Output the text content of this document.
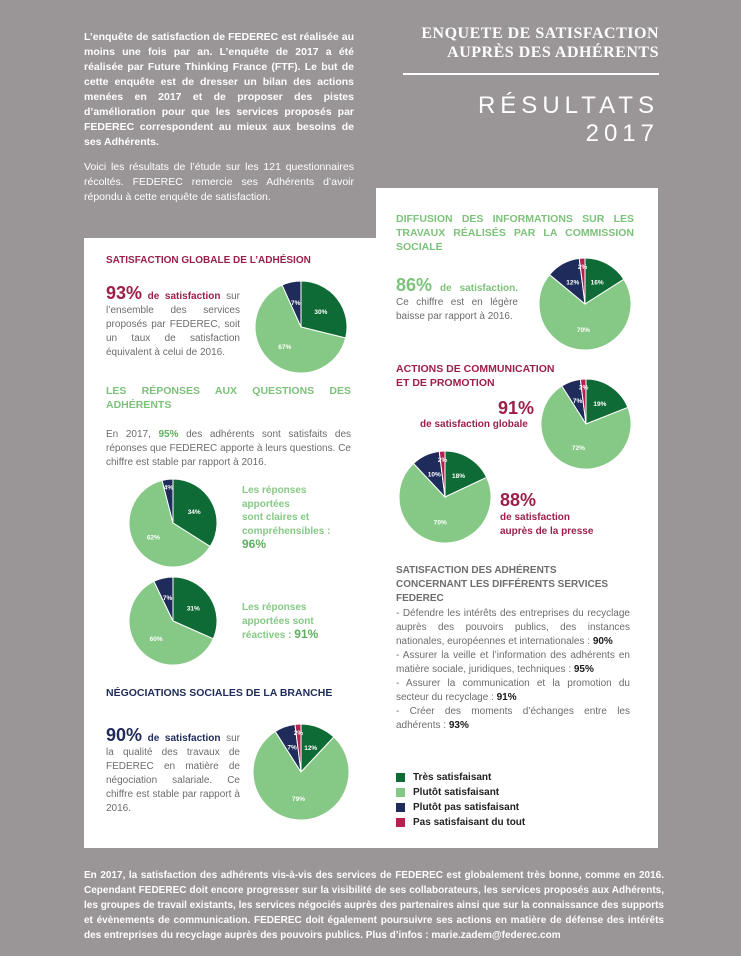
L’enquête de satisfaction de FEDEREC est réalisée au moins une fois par an. L’enquête de 2017 a été réalisée par Future Thinking France (FTF). Le but de cette enquête est de dresser un bilan des actions menées en 2017 et de proposer des pistes d’amélioration pour que les services proposés par FEDEREC correspondent au mieux aux besoins de ses Adhérents.

Voici les résultats de l’étude sur les 121 questionnaires récoltés. FEDEREC remercie ses Adhérents d’avoir répondu à cette enquête de satisfaction.

ENQUETE DE SATISFACTION
AUPRÈS DES ADHÉRENTS
RÉSULTATS
2017
SATISFACTION GLOBALE DE L’ADHÉSION
93% de satisfaction sur l’ensemble des services proposés par FEDEREC, soit un taux de satisfaction équivalent à celui de 2016.
30%
67%
7%
LES RÉPONSES AUX QUESTIONS DES
ADHÉRENTS
En 2017, 95% des adhérents sont satisfaits des réponses que FEDEREC apporte à leurs questions. Ce chiffre est stable par rapport à 2016.
34%
62%
4%	Les réponses
apportées
sont claires et
compréhensibles :
96%
31%
60%
7%
Les réponses
apportées sont
réactives : 91%
NÉGOCIATIONS SOCIALES DE LA BRANCHE
90% de satisfaction sur la qualité des travaux de FEDEREC en matière de négociation salariale. Ce chiffre est stable par rapport à 2016.
12%
79%
7%
2%
DIFFUSION DES INFORMATIONS SUR LES TRAVAUX RÉALISÉS PAR LA COMMISSION SOCIALE
86% de satisfaction. Ce chiffre est en légère baisse par rapport à 2016.
16%
70%
12%
2%
ACTIONS DE COMMUNICATION
ET DE PROMOTION
91%
de satisfaction globale
19%
72%
7%
2%
18%
70%
10%
2%
88%
de satisfaction
auprès de la presse
SATISFACTION DES ADHÉRENTS
CONCERNANT LES DIFFÉRENTS SERVICES
FEDEREC
- Défendre les intérêts des entreprises du recyclage auprès des pouvoirs publics, des instances nationales, européennes et internationales : 90%
- Assurer la veille et l’information des adhérents en matière sociale, juridiques, techniques : 95%
- Assurer la communication et la promotion du secteur du recyclage : 91%
- Créer des moments d’échanges entre les adhérents : 93%
Très satisfaisant
Plutôt satisfaisant
Plutôt pas satisfaisant
Pas satisfaisant du tout
En 2017, la satisfaction des adhérents vis-à-vis des services de FEDEREC est globalement très bonne, comme en 2016. Cependant FEDEREC doit encore progresser sur la visibilité de ses collaborateurs, les services proposés aux Adhérents, les groupes de travail existants, les services négociés auprès des partenaires ainsi que sur la connaissance des supports et évènements de communication. FEDEREC doit également poursuivre ses actions en matière de défense des intérêts des entreprises du recyclage auprès des pouvoirs publics. Plus d’infos : marie.zadem@federec.com
